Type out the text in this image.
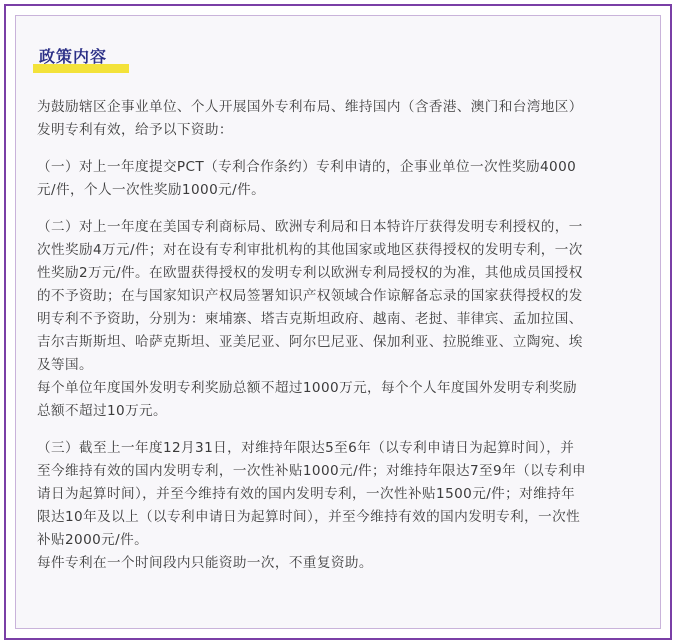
政策内容

为鼓励辖区企事业单位、个人开展国外专利布局、维持国内（含香港、澳门和台湾地区）

发明专利有效，给予以下资助：

（一）对上一年度提交PCT（专利合作条约）专利申请的，企事业单位一次性奖励4000

元/件，个人一次性奖励1000元/件。

（二）对上一年度在美国专利商标局、欧洲专利局和日本特许厅获得发明专利授权的，一

次性奖励4万元/件；对在设有专利审批机构的其他国家或地区获得授权的发明专利，一次

性奖励2万元/件。在欧盟获得授权的发明专利以欧洲专利局授权的为准，其他成员国授权

的不予资助；在与国家知识产权局签署知识产权领域合作谅解备忘录的国家获得授权的发

明专利不予资助，分别为：柬埔寨、塔吉克斯坦政府、越南、老挝、菲律宾、孟加拉国、

吉尔吉斯斯坦、哈萨克斯坦、亚美尼亚、阿尔巴尼亚、保加利亚、拉脱维亚、立陶宛、埃

及等国。

每个单位年度国外发明专利奖励总额不超过1000万元，每个个人年度国外发明专利奖励

总额不超过10万元。

（三）截至上一年度12月31日，对维持年限达5至6年（以专利申请日为起算时间），并

至今维持有效的国内发明专利，一次性补贴1000元/件；对维持年限达7至9年（以专利申

请日为起算时间），并至今维持有效的国内发明专利，一次性补贴1500元/件；对维持年

限达10年及以上（以专利申请日为起算时间），并至今维持有效的国内发明专利，一次性

补贴2000元/件。

每件专利在一个时间段内只能资助一次，不重复资助。
